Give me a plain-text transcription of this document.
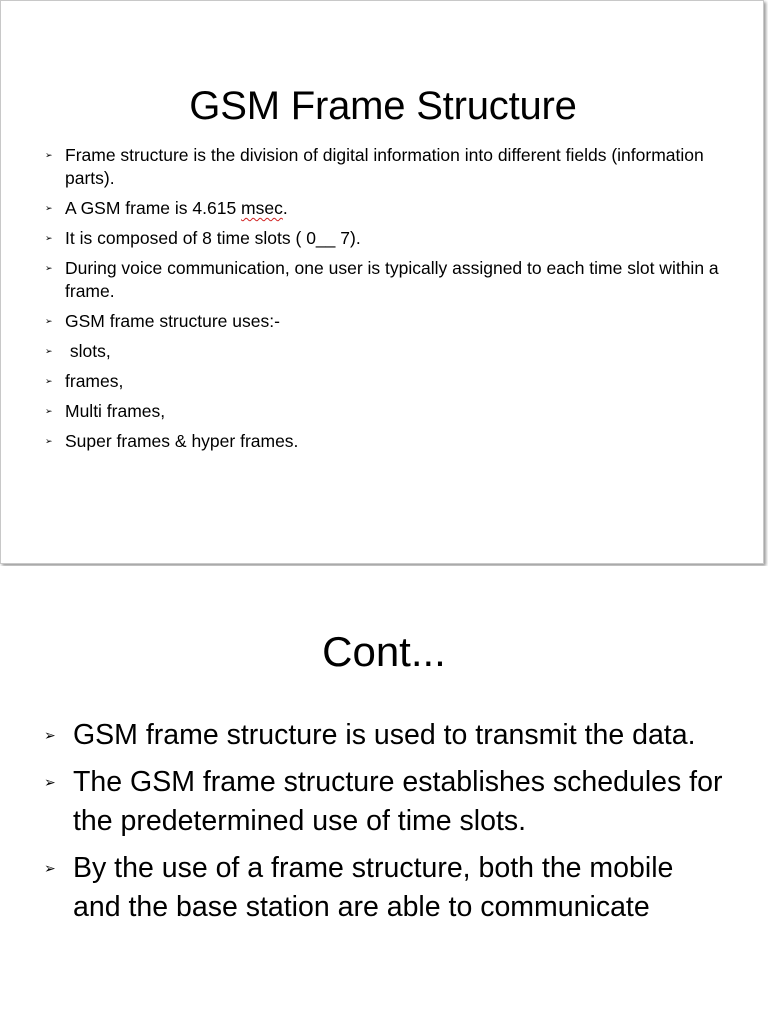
GSM Frame Structure
➢ Frame structure is the division of digital information into different fields (information parts).
➢ A GSM frame is 4.615 msec.
➢ It is composed of 8 time slots ( 0__ 7).
➢ During voice communication, one user is typically assigned to each time slot within a frame.
➢ GSM frame structure uses:-
➢ slots,
➢ frames,
➢ Multi frames,
➢ Super frames & hyper frames.
Cont...
➢ GSM frame structure is used to transmit the data.
➢ The GSM frame structure establishes schedules for the predetermined use of time slots.
➢ By the use of a frame structure, both the mobile and the base station are able to communicate
